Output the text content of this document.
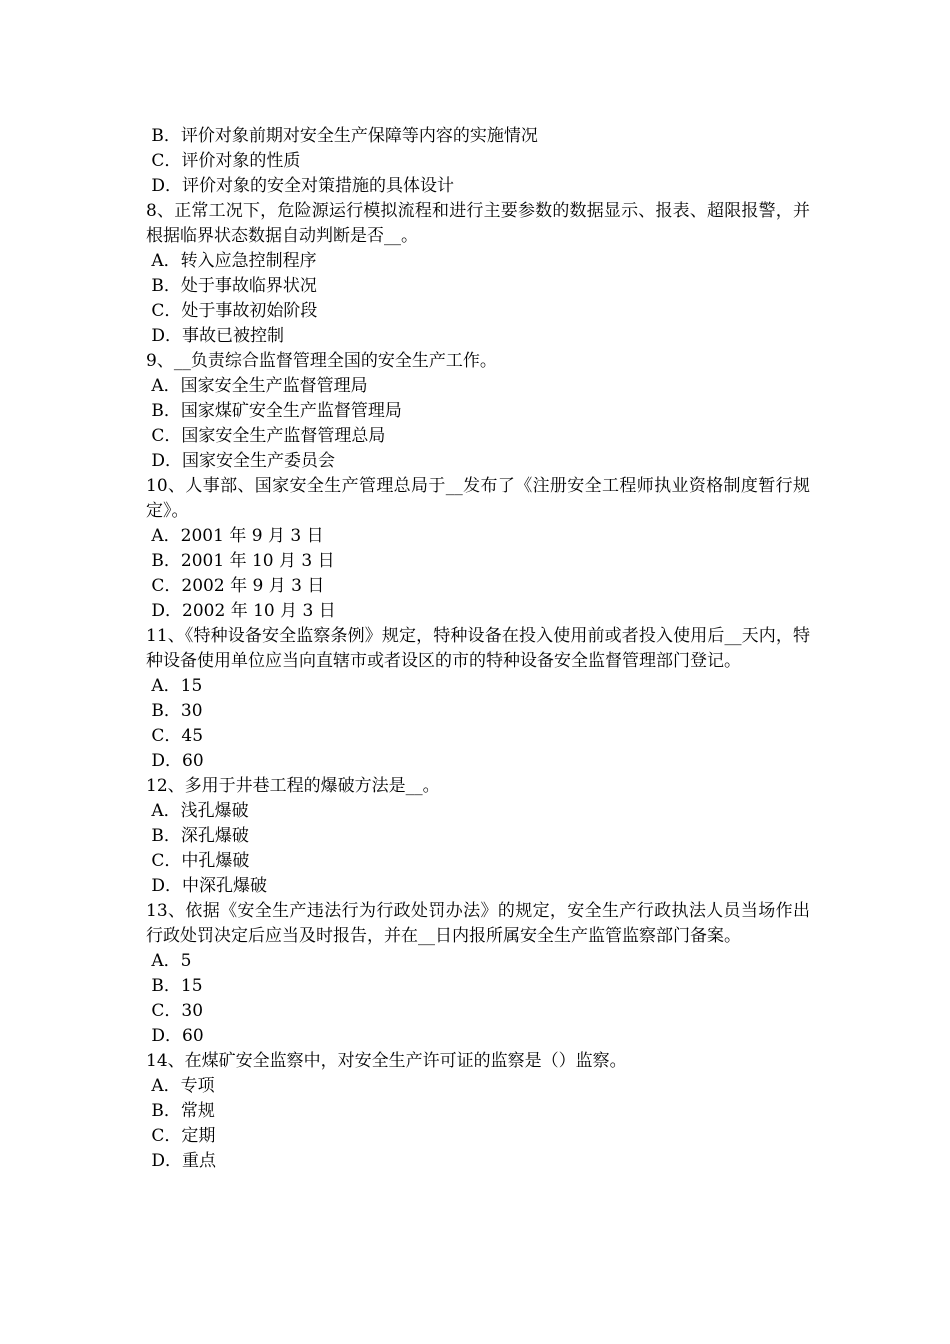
B．评价对象前期对安全生产保障等内容的实施情况

C．评价对象的性质

D．评价对象的安全对策措施的具体设计

8、正常工况下，危险源运行模拟流程和进行主要参数的数据显示、报表、超限报警，并根据临界状态数据自动判断是否__。

A．转入应急控制程序

B．处于事故临界状况

C．处于事故初始阶段

D．事故已被控制

9、__负责综合监督管理全国的安全生产工作。

A．国家安全生产监督管理局

B．国家煤矿安全生产监督管理局

C．国家安全生产监督管理总局

D．国家安全生产委员会

10、人事部、国家安全生产管理总局于__发布了《注册安全工程师执业资格制度暂行规定》。

A．2001 年 9 月 3 日

B．2001 年 10 月 3 日

C．2002 年 9 月 3 日

D．2002 年 10 月 3 日

11、《特种设备安全监察条例》规定，特种设备在投入使用前或者投入使用后__天内，特种设备使用单位应当向直辖市或者设区的市的特种设备安全监督管理部门登记。

A．15

B．30

C．45

D．60

12、多用于井巷工程的爆破方法是__。

A．浅孔爆破

B．深孔爆破

C．中孔爆破

D．中深孔爆破

13、依据《安全生产违法行为行政处罚办法》的规定，安全生产行政执法人员当场作出行政处罚决定后应当及时报告，并在__日内报所属安全生产监管监察部门备案。

A．5

B．15

C．30

D．60

14、在煤矿安全监察中，对安全生产许可证的监察是（）监察。

A．专项

B．常规

C．定期

D．重点
